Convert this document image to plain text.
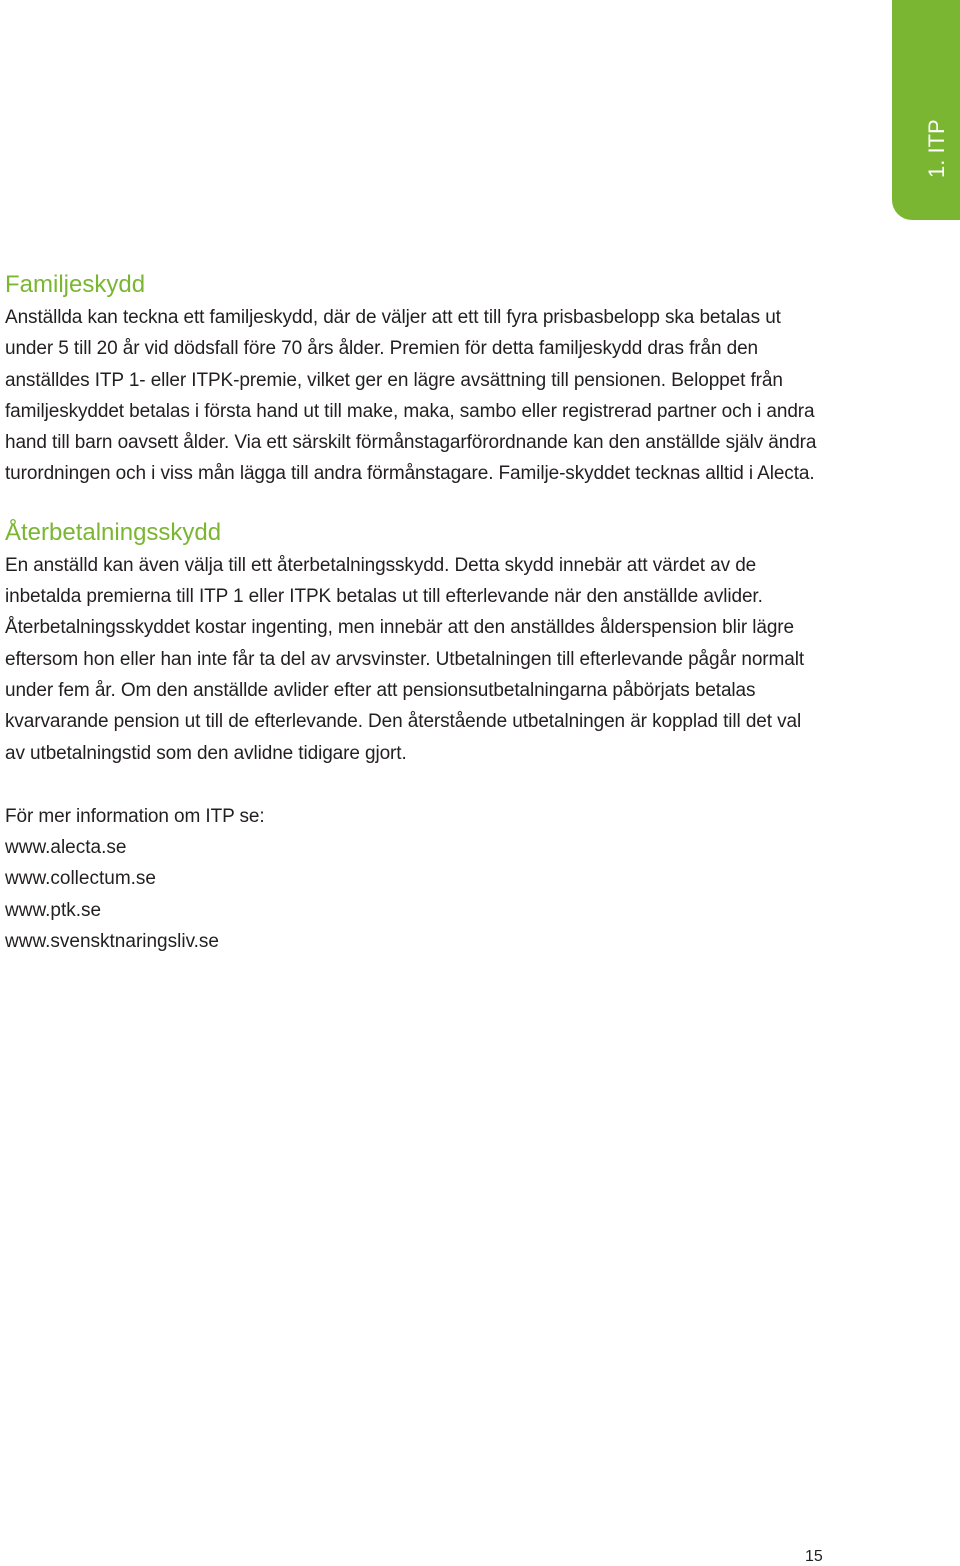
1. ITP
Familjeskydd

Anställda kan teckna ett familjeskydd, där de väljer att ett till fyra prisbasbelopp ska betalas ut under 5 till 20 år vid dödsfall före 70 års ålder. Premien för detta familjeskydd dras från den anställdes ITP 1- eller ITPK-premie, vilket ger en lägre avsättning till pensionen. Beloppet från familjeskyddet betalas i första hand ut till make, maka, sambo eller registrerad partner och i andra hand till barn oavsett ålder. Via ett särskilt förmånstagarförordnande kan den anställde själv ändra turordningen och i viss mån lägga till andra förmånstagare. Familje-skyddet tecknas alltid i Alecta.

Återbetalningsskydd

En anställd kan även välja till ett återbetalningsskydd. Detta skydd innebär att värdet av de inbetalda premierna till ITP 1 eller ITPK betalas ut till efterlevande när den anställde avlider. Återbetalningsskyddet kostar ingenting, men innebär att den anställdes ålderspension blir lägre eftersom hon eller han inte får ta del av arvsvinster. Utbetalningen till efterlevande pågår normalt under fem år. Om den anställde avlider efter att pensionsutbetalningarna påbörjats betalas kvarvarande pension ut till de efterlevande. Den återstående utbetalningen är kopplad till det val av utbetalningstid som den avlidne tidigare gjort.

För mer information om ITP se:

www.alecta.se
www.collectum.se
www.ptk.se
www.svensktnaringsliv.se
15
